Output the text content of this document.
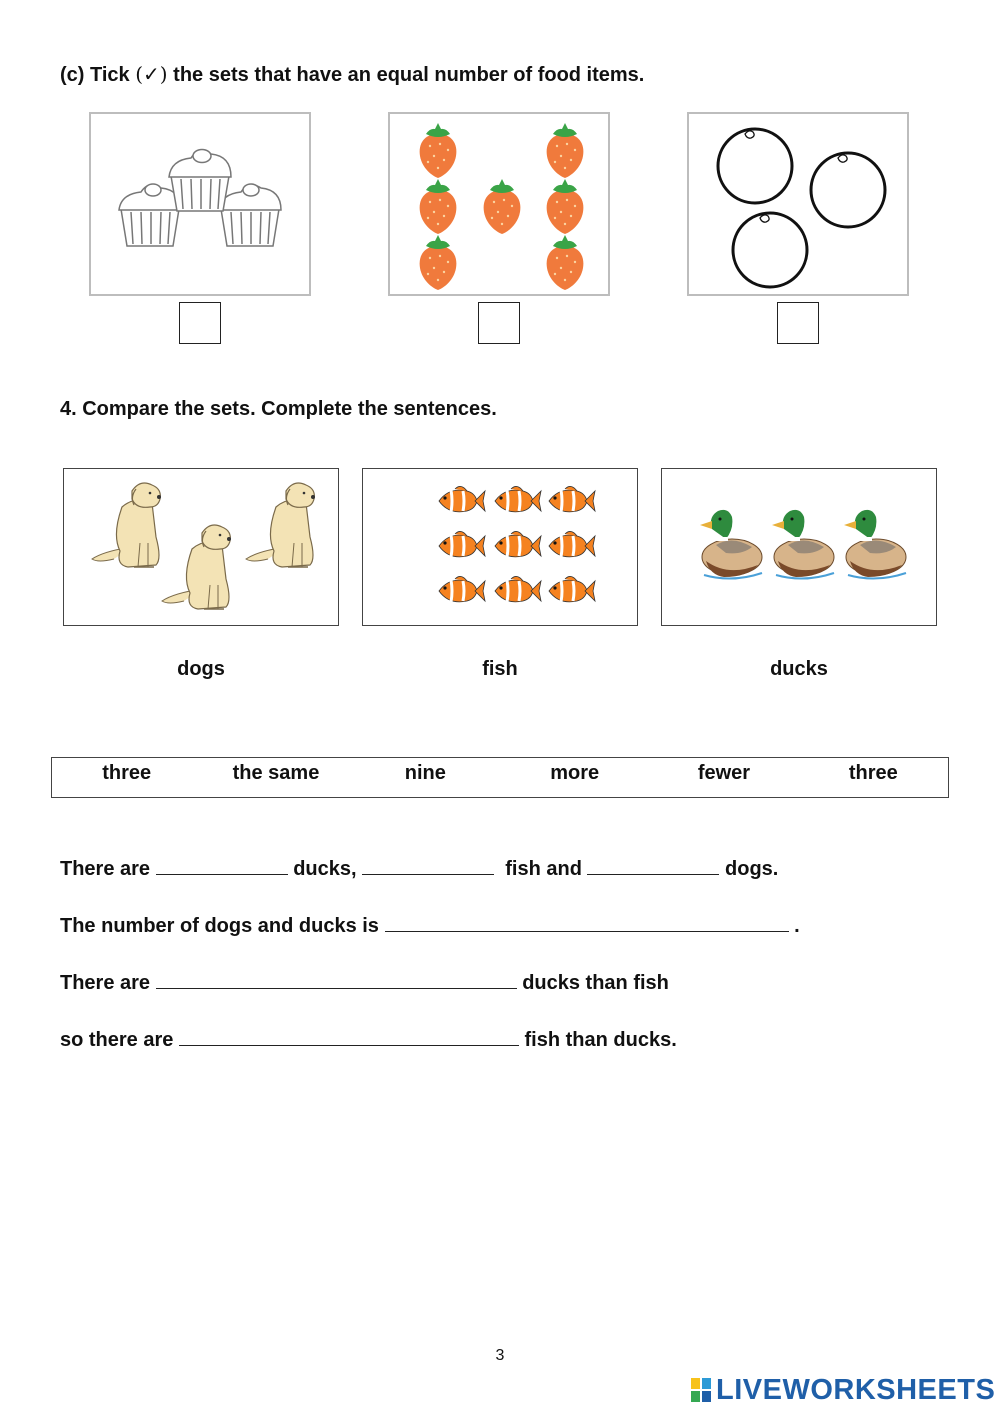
(c) Tick (✓) the sets that have an equal number of food items.
4. Compare the sets. Complete the sentences.
dogs	fish	ducks
three	the same	nine	more	fewer	three
There are	ducks,	fish and	dogs.
The number of dogs and ducks is	.
There are	ducks than fish
so there are	fish than ducks.
3
LIVEWORKSHEETS
